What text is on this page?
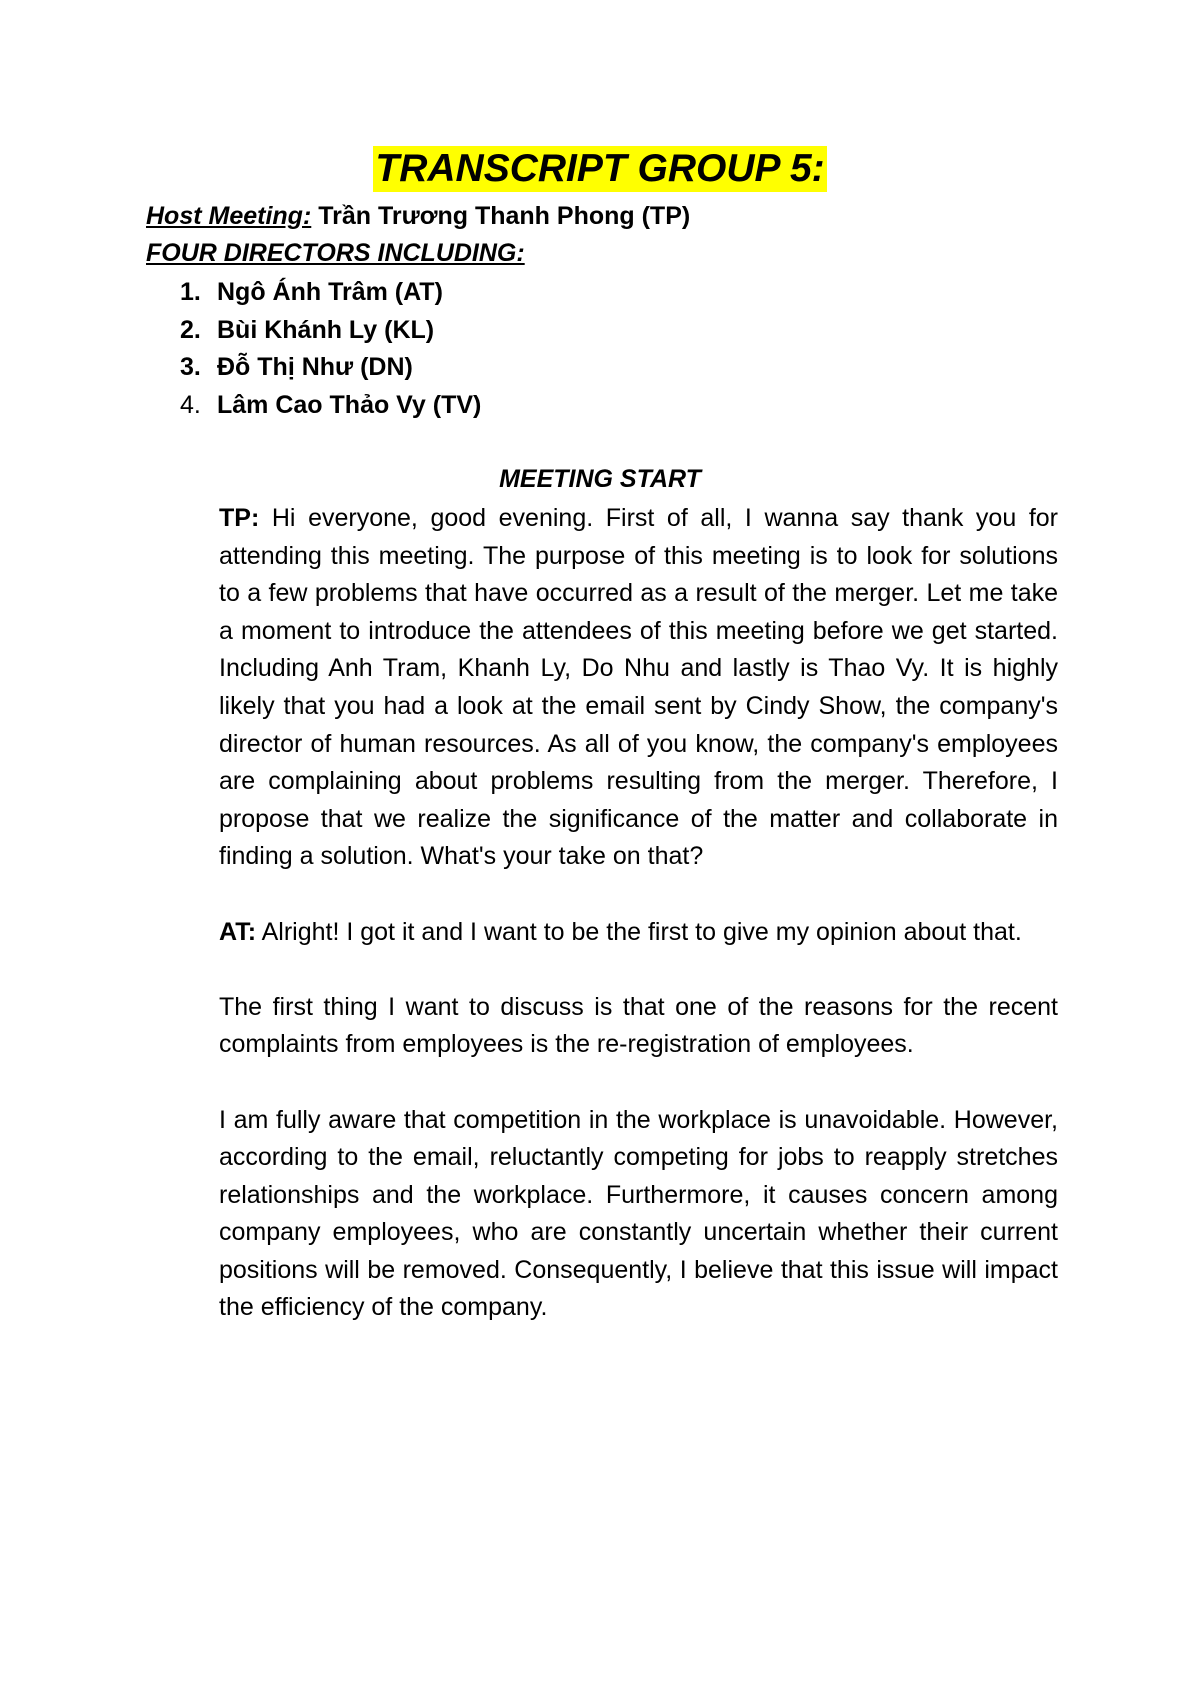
TRANSCRIPT GROUP 5:
Host Meeting: Trần Trương Thanh Phong (TP)
FOUR DIRECTORS INCLUDING:
1. Ngô Ánh Trâm (AT)
2. Bùi Khánh Ly (KL)
3. Đỗ Thị Như (DN)
4. Lâm Cao Thảo Vy (TV)
MEETING START

TP: Hi everyone, good evening. First of all, I wanna say thank you for attending this meeting. The purpose of this meeting is to look for solutions to a few problems that have occurred as a result of the merger. Let me take a moment to introduce the attendees of this meeting before we get started. Including Anh Tram, Khanh Ly, Do Nhu and lastly is Thao Vy. It is highly likely that you had a look at the email sent by Cindy Show, the company's director of human resources. As all of you know, the company's employees are complaining about problems resulting from the merger. Therefore, I propose that we realize the significance of the matter and collaborate in finding a solution. What's your take on that?

AT: Alright! I got it and I want to be the first to give my opinion about that.

The first thing I want to discuss is that one of the reasons for the recent complaints from employees is the re-registration of employees.

I am fully aware that competition in the workplace is unavoidable. However, according to the email, reluctantly competing for jobs to reapply stretches relationships and the workplace. Furthermore, it causes concern among company employees, who are constantly uncertain whether their current positions will be removed. Consequently, I believe that this issue will impact the efficiency of the company.
